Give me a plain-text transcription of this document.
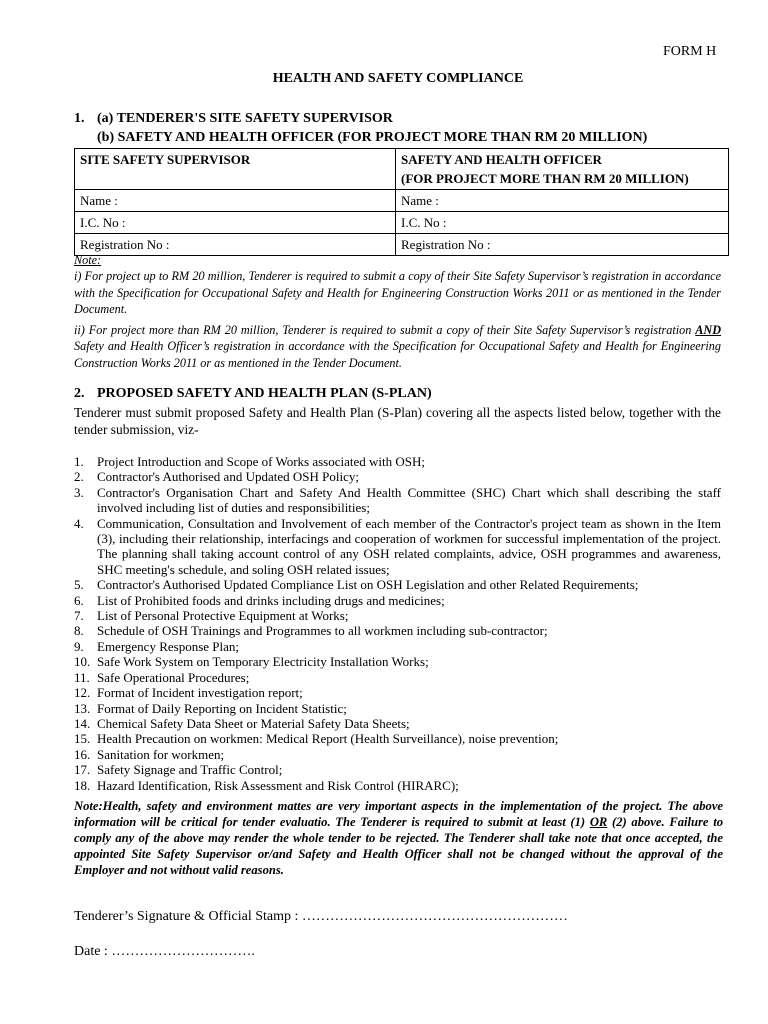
FORM H
HEALTH AND SAFETY COMPLIANCE
1. (a) TENDERER'S SITE SAFETY SUPERVISOR
(b) SAFETY AND HEALTH OFFICER (FOR PROJECT MORE THAN RM 20 MILLION)
SITE SAFETY SUPERVISOR	SAFETY AND HEALTH OFFICER
(FOR PROJECT MORE THAN RM 20 MILLION)

Name :	Name :
I.C. No :	I.C. No :
Registration No :	Registration No :
Note:

i) For project up to RM 20 million, Tenderer is required to submit a copy of their Site Safety Supervisor’s registration in accordance with the Specification for Occupational Safety and Health for Engineering Construction Works 2011 or as mentioned in the Tender Document.

ii) For project more than RM 20 million, Tenderer is required to submit a copy of their Site Safety Supervisor’s registration AND Safety and Health Officer’s registration in accordance with the Specification for Occupational Safety and Health for Engineering Construction Works 2011 or as mentioned in the Tender Document.

2. PROPOSED SAFETY AND HEALTH PLAN (S-PLAN)
Tenderer must submit proposed Safety and Health Plan (S-Plan) covering all the aspects listed below, together with the tender submission, viz-
1.	Project Introduction and Scope of Works associated with OSH;
2.	Contractor's Authorised and Updated OSH Policy;
3.	Contractor's Organisation Chart and Safety And Health Committee (SHC) Chart which shall describing the staff involved including list of duties and responsibilities;
4.	Communication, Consultation and Involvement of each member of the Contractor's project team as shown in the Item (3), including their relationship, interfacings and cooperation of workmen for successful implementation of the project. The planning shall taking account control of any OSH related complaints, advice, OSH programmes and awareness, SHC meeting's schedule, and soling OSH related issues;
5.	Contractor's Authorised Updated Compliance List on OSH Legislation and other Related Requirements;
6.	List of Prohibited foods and drinks including drugs and medicines;
7.	List of Personal Protective Equipment at Works;
8.	Schedule of OSH Trainings and Programmes to all workmen including sub-contractor;
9.	Emergency Response Plan;
10. Safe Work System on Temporary Electricity Installation Works;
11. Safe Operational Procedures;
12. Format of Incident investigation report;
13. Format of Daily Reporting on Incident Statistic;
14. Chemical Safety Data Sheet or Material Safety Data Sheets;
15. Health Precaution on workmen: Medical Report (Health Surveillance), noise prevention;
16. Sanitation for workmen;
17. Safety Signage and Traffic Control;
18. Hazard Identification, Risk Assessment and Risk Control (HIRARC);
Note:Health, safety and environment mattes are very important aspects in the implementation of the project. The above information will be critical for tender evaluatio. The Tenderer is required to submit at least (1) OR (2) above. Failure to comply any of the above may render the whole tender to be rejected. The Tenderer shall take note that once accepted, the appointed Site Safety Supervisor or/and Safety and Health Officer shall not be changed without the approval of the Employer and not without valid reasons.
Tenderer’s Signature & Official Stamp : …………………………………………………
Date : ………………………….
